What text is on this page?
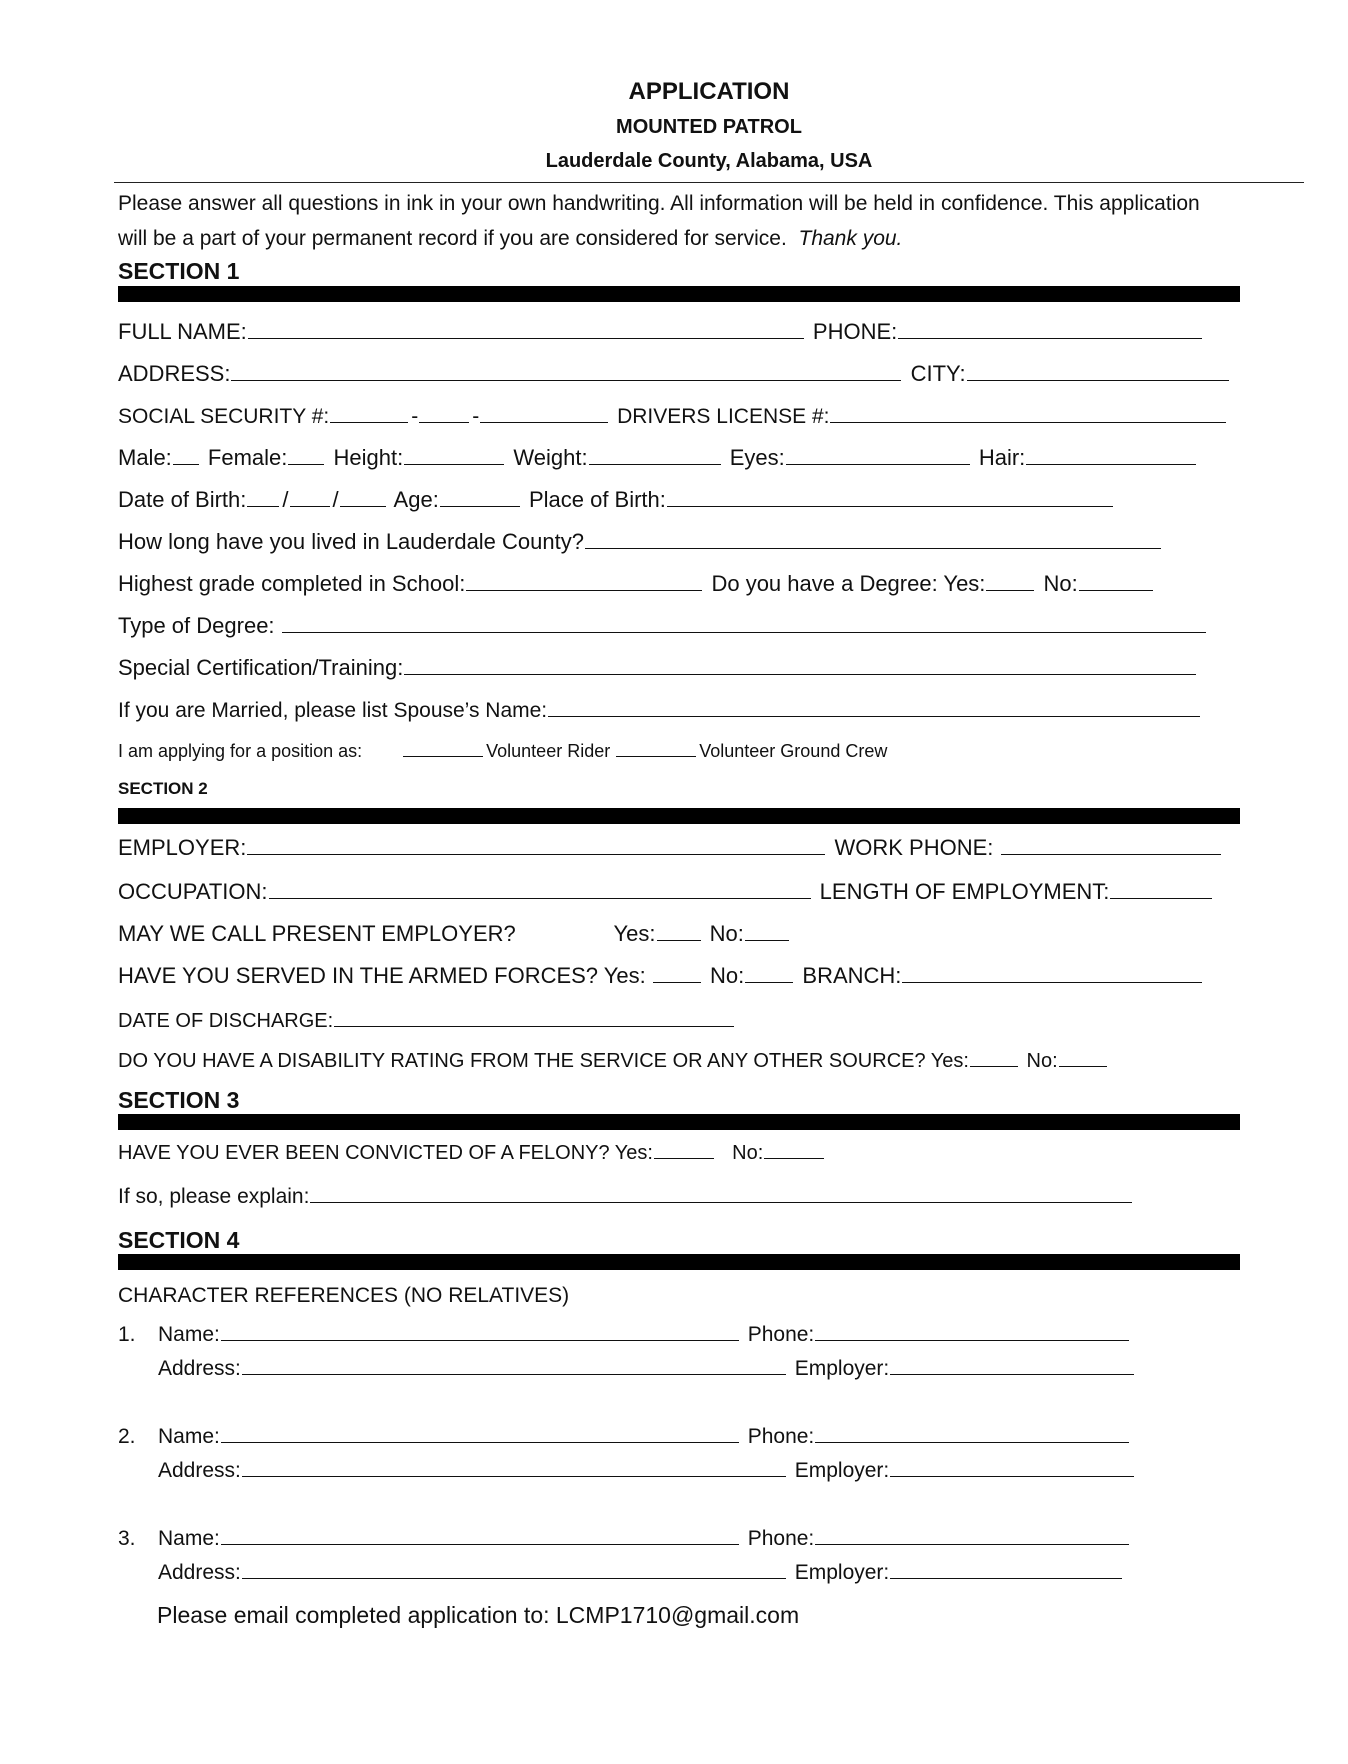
APPLICATION
MOUNTED PATROL
Lauderdale County, Alabama, USA
Please answer all questions in ink in your own handwriting. All information will be held in confidence. This application
will be a part of your permanent record if you are considered for service. Thank you.
SECTION 1
FULL NAME:	PHONE:
ADDRESS:	CITY:
SOCIAL SECURITY #:	-	-	DRIVERS LICENSE #:
Male: Female: Height:	Weight:	Eyes:	Hair:
Date of Birth: / / Age:	Place of Birth:
How long have you lived in Lauderdale County?
Highest grade completed in School:	Do you have a Degree: Yes:	No:
Type of Degree:
Special Certification/Training:
If you are Married, please list Spouse’s Name:
I am applying for a position as:	Volunteer Rider	Volunteer Ground Crew
SECTION 2
EMPLOYER:	WORK PHONE:
OCCUPATION:	LENGTH OF EMPLOYMENT:
MAY WE CALL PRESENT EMPLOYER?	Yes: No:
HAVE YOU SERVED IN THE ARMED FORCES? Yes:	No:	BRANCH:
DATE OF DISCHARGE:
DO YOU HAVE A DISABILITY RATING FROM THE SERVICE OR ANY OTHER SOURCE? Yes:	No:
SECTION 3
HAVE YOU EVER BEEN CONVICTED OF A FELONY? Yes:	No:
If so, please explain:
SECTION 4
CHARACTER REFERENCES (NO RELATIVES)
1. Name:	Phone:
Address:	Employer:
2. Name:	Phone:
Address:	Employer:
3. Name:	Phone:
Address:	Employer:
Please email completed application to: LCMP1710@gmail.com
